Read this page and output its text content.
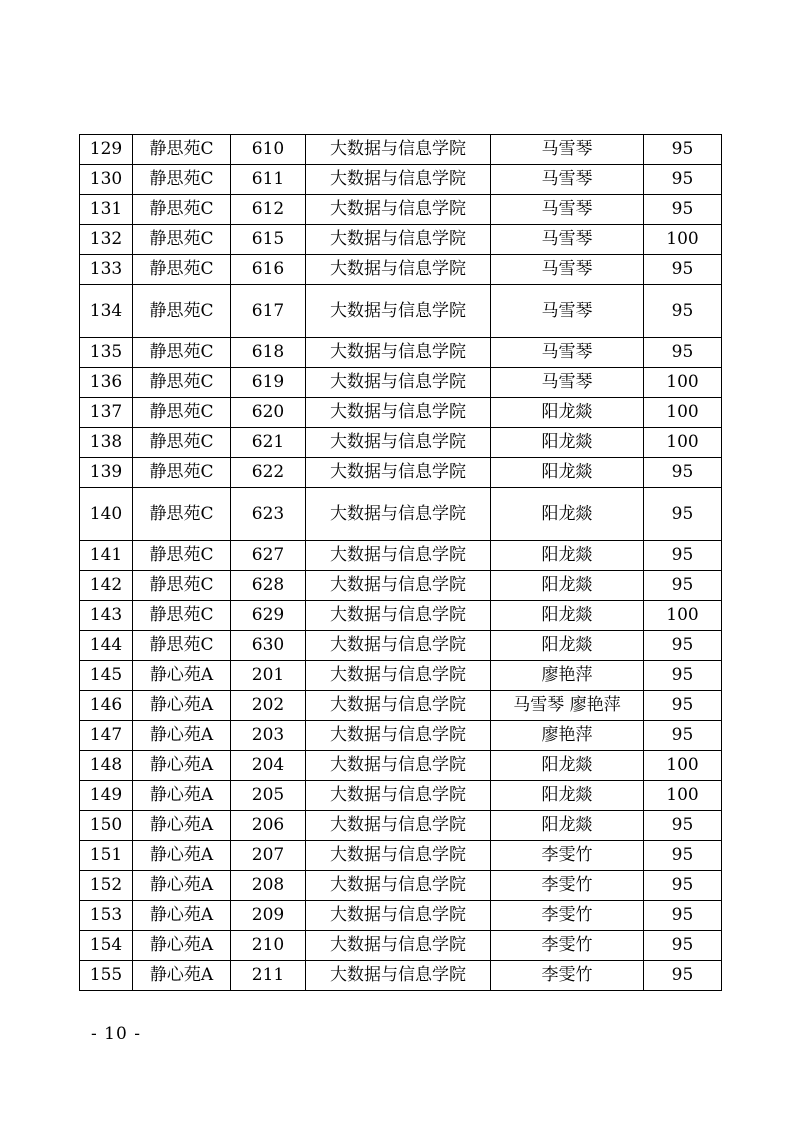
129	静思苑C	610	大数据与信息学院	马雪琴	95
130	静思苑C	611	大数据与信息学院	马雪琴	95
131	静思苑C	612	大数据与信息学院	马雪琴	95
132	静思苑C	615	大数据与信息学院	马雪琴	100
133	静思苑C	616	大数据与信息学院	马雪琴	95
134	静思苑C	617	大数据与信息学院	马雪琴	95
135	静思苑C	618	大数据与信息学院	马雪琴	95
136	静思苑C	619	大数据与信息学院	马雪琴	100
137	静思苑C	620	大数据与信息学院	阳龙燚	100
138	静思苑C	621	大数据与信息学院	阳龙燚	100
139	静思苑C	622	大数据与信息学院	阳龙燚	95
140	静思苑C	623	大数据与信息学院	阳龙燚	95
141	静思苑C	627	大数据与信息学院	阳龙燚	95
142	静思苑C	628	大数据与信息学院	阳龙燚	95
143	静思苑C	629	大数据与信息学院	阳龙燚	100
144	静思苑C	630	大数据与信息学院	阳龙燚	95
145	静心苑A	201	大数据与信息学院	廖艳萍	95
146	静心苑A	202	大数据与信息学院	马雪琴 廖艳萍	95
147	静心苑A	203	大数据与信息学院	廖艳萍	95
148	静心苑A	204	大数据与信息学院	阳龙燚	100
149	静心苑A	205	大数据与信息学院	阳龙燚	100
150	静心苑A	206	大数据与信息学院	阳龙燚	95
151	静心苑A	207	大数据与信息学院	李雯竹	95
152	静心苑A	208	大数据与信息学院	李雯竹	95
153	静心苑A	209	大数据与信息学院	李雯竹	95
154	静心苑A	210	大数据与信息学院	李雯竹	95
155	静心苑A	211	大数据与信息学院	李雯竹	95
- 10 -
